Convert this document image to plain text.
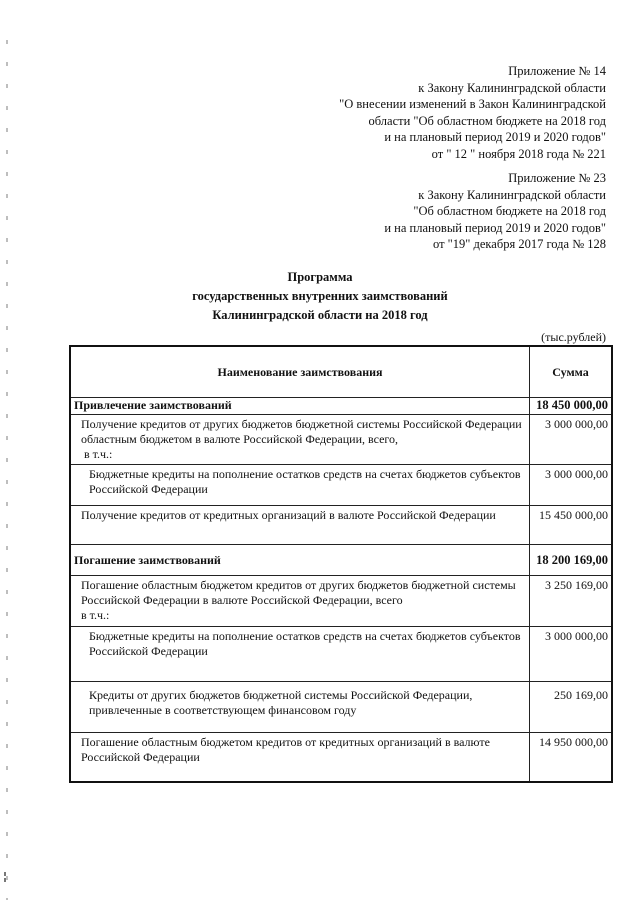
Приложение № 14
к Закону Калининградской области
"О внесении изменений в Закон Калининградской
области "Об областном бюджете на 2018 год
и на плановый период 2019 и 2020 годов"
от " 12 " ноября 2018 года № 221
Приложение № 23
к Закону Калининградской области
"Об областном бюджете на 2018 год
и на плановый период 2019 и 2020 годов"
от "19" декабря 2017 года № 128
Программа
государственных внутренних заимствований
Калининградской области на 2018 год
(тыс.рублей)
Наименование заимствования	Сумма
Привлечение заимствований	18 450 000,00
Получение кредитов от других бюджетов бюджетной системы Российской Федерации областным бюджетом в валюте Российской Федерации, всего,
в т.ч.:	3 000 000,00
Бюджетные кредиты на пополнение остатков средств на счетах бюджетов субъектов Российской Федерации	3 000 000,00
Получение кредитов от кредитных организаций в валюте Российской Федерации	15 450 000,00
Погашение заимствований	18 200 169,00
Погашение областным бюджетом кредитов от других бюджетов бюджетной системы Российской Федерации в валюте Российской Федерации, всего
в т.ч.:	3 250 169,00
Бюджетные кредиты на пополнение остатков средств на счетах бюджетов субъектов Российской Федерации	3 000 000,00
Кредиты от других бюджетов бюджетной системы Российской Федерации, привлеченные в соответствующем финансовом году	250 169,00
Погашение областным бюджетом кредитов от кредитных организаций в валюте Российской Федерации	14 950 000,00
